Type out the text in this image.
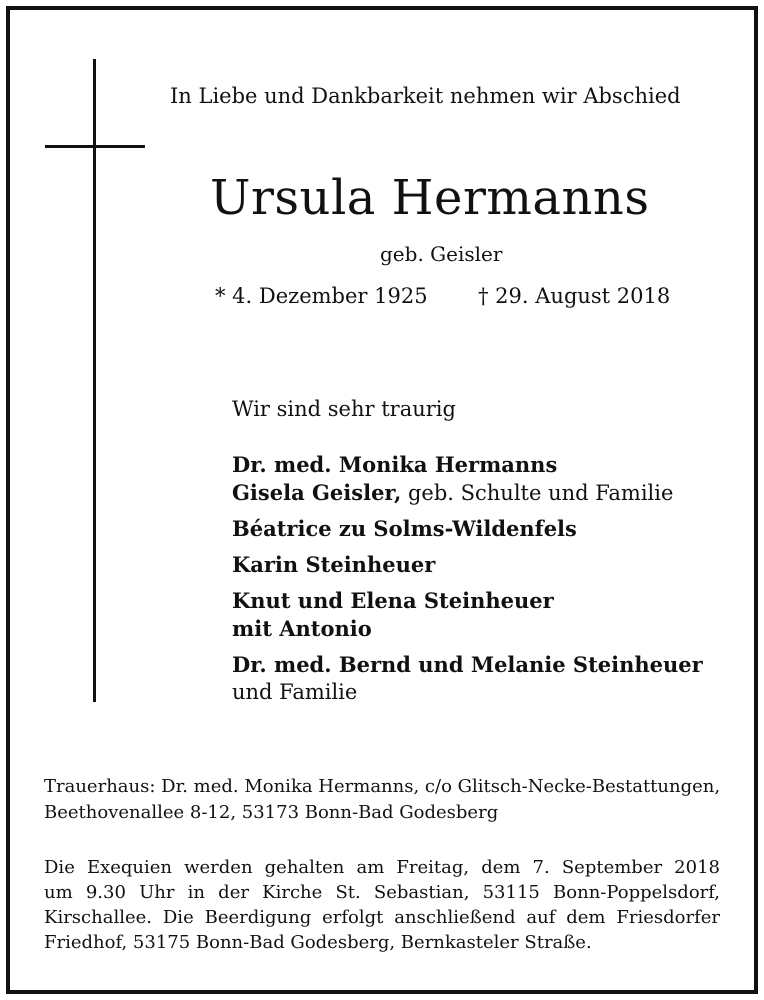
In Liebe und Dankbarkeit nehmen wir Abschied
Ursula Hermanns
geb. Geisler
* 4. Dezember 1925 † 29. August 2018
Wir sind sehr traurig
Dr. med. Monika Hermanns
Gisela Geisler, geb. Schulte und Familie
Béatrice zu Solms-Wildenfels
Karin Steinheuer
Knut und Elena Steinheuer
mit Antonio
Dr. med. Bernd und Melanie Steinheuer
und Familie
Trauerhaus: Dr. med. Monika Hermanns, c/o Glitsch-Necke-Bestattungen,
Beethovenallee 8-12, 53173 Bonn-Bad Godesberg
Die Exequien werden gehalten am Freitag, dem 7. September 2018
um 9.30 Uhr in der Kirche St. Sebastian, 53115 Bonn-Poppelsdorf,
Kirschallee. Die Beerdigung erfolgt anschließend auf dem Friesdorfer
Friedhof, 53175 Bonn-Bad Godesberg, Bernkasteler Straße.
